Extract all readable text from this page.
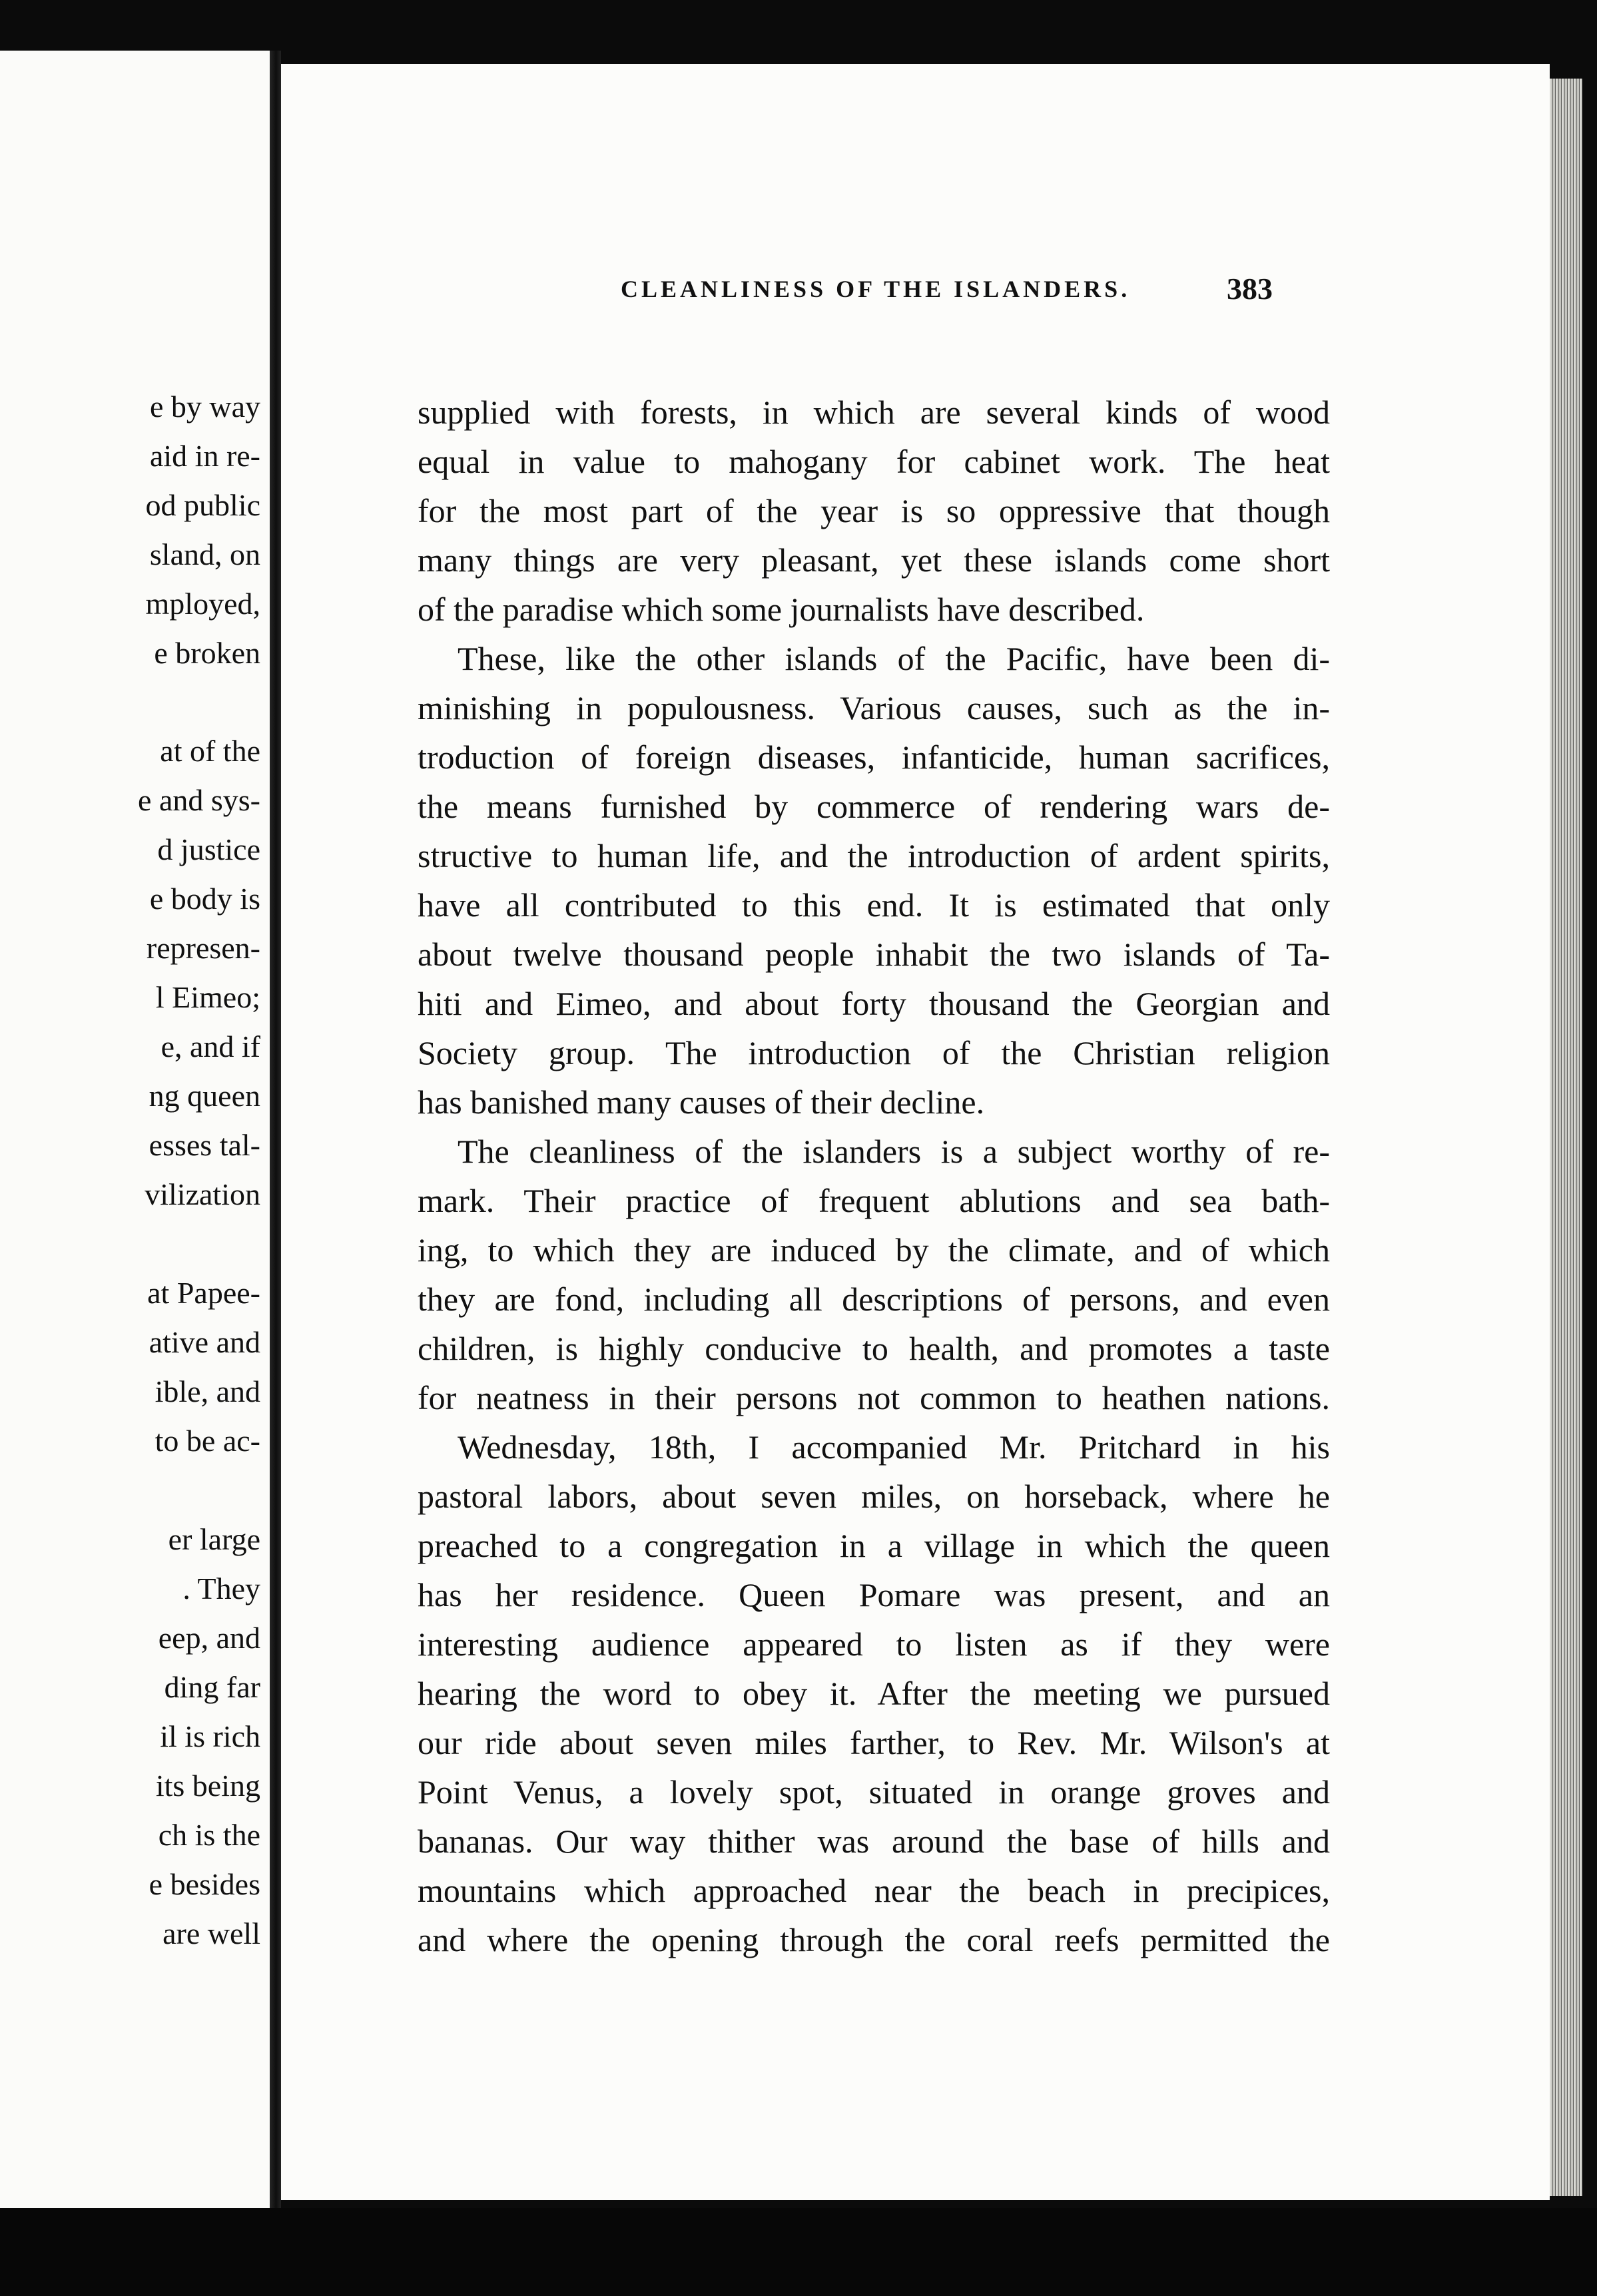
e by way
aid in re-
od public
sland, on
mployed,
e broken
at of the
e and sys-
d justice
e body is
represen-
l Eimeo;
e, and if
ng queen
esses tal-
vilization
at Papee-
ative and
ible, and
to be ac-
er large
. They
eep, and
ding far
il is rich
its being
ch is the
e besides
are well
CLEANLINESS OF THE ISLANDERS.	383
supplied with forests, in which are several kinds of wood
equal in value to mahogany for cabinet work. The heat
for the most part of the year is so oppressive that though
many things are very pleasant, yet these islands come short
of the paradise which some journalists have described.
These, like the other islands of the Pacific, have been di-
minishing in populousness. Various causes, such as the in-
troduction of foreign diseases, infanticide, human sacrifices,
the means furnished by commerce of rendering wars de-
structive to human life, and the introduction of ardent spirits,
have all contributed to this end. It is estimated that only
about twelve thousand people inhabit the two islands of Ta-
hiti and Eimeo, and about forty thousand the Georgian and
Society group. The introduction of the Christian religion
has banished many causes of their decline.
The cleanliness of the islanders is a subject worthy of re-
mark. Their practice of frequent ablutions and sea bath-
ing, to which they are induced by the climate, and of which
they are fond, including all descriptions of persons, and even
children, is highly conducive to health, and promotes a taste
for neatness in their persons not common to heathen nations.
Wednesday, 18th, I accompanied Mr. Pritchard in his
pastoral labors, about seven miles, on horseback, where he
preached to a congregation in a village in which the queen
has her residence. Queen Pomare was present, and an
interesting audience appeared to listen as if they were
hearing the word to obey it. After the meeting we pursued
our ride about seven miles farther, to Rev. Mr. Wilson's at
Point Venus, a lovely spot, situated in orange groves and
bananas. Our way thither was around the base of hills and
mountains which approached near the beach in precipices,
and where the opening through the coral reefs permitted the
